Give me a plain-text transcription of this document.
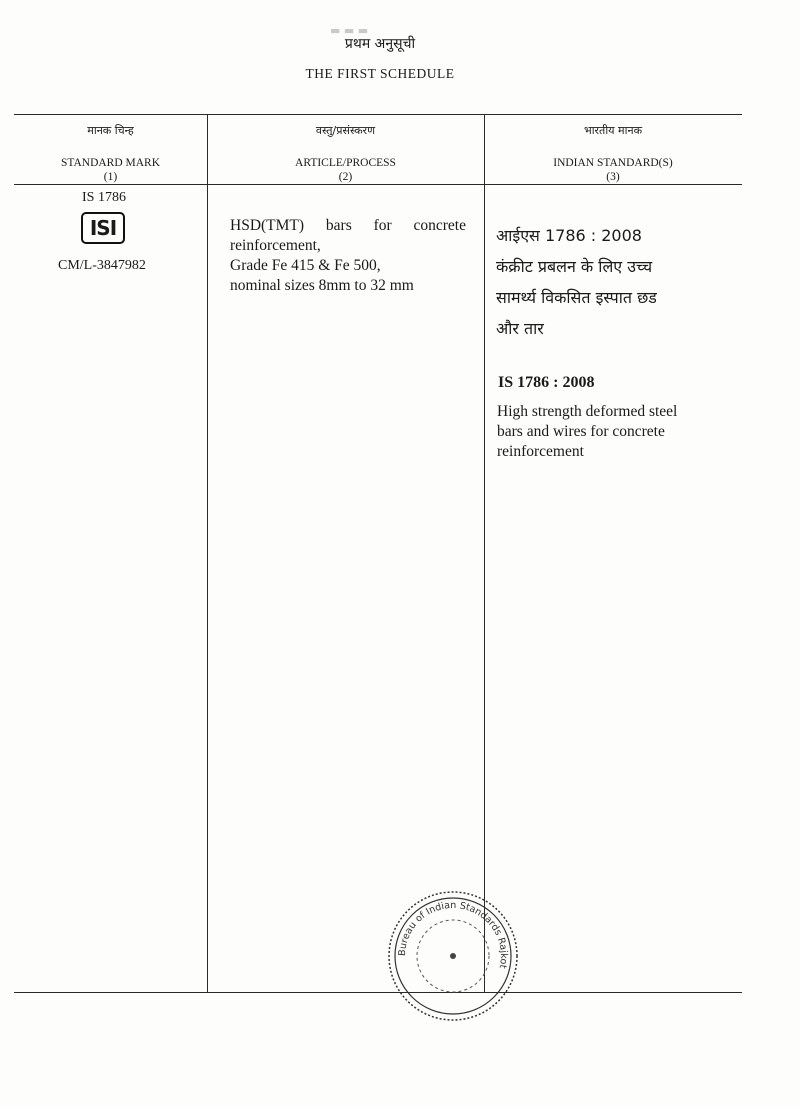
प्रथम अनुसूची
THE FIRST SCHEDULE
मानक चिन्ह
STANDARD MARK
(1)
वस्तु/प्रसंस्करण
ARTICLE/PROCESS
(2)
भारतीय मानक
INDIAN STANDARD(S)
(3)
IS 1786
ISI
CM/L-3847982
HSD(TMT) bars for concrete
reinforcement,
Grade Fe 415 & Fe 500,
nominal sizes 8mm to 32 mm
आईएस 1786 : 2008
कंक्रीट प्रबलन के लिए उच्च
सामर्थ्य विकसित इस्पात छड
और तार
IS 1786 : 2008
High strength deformed steel
bars and wires for concrete
reinforcement
Bureau of Indian Standards Rajkot
▬ ▬ ▬
